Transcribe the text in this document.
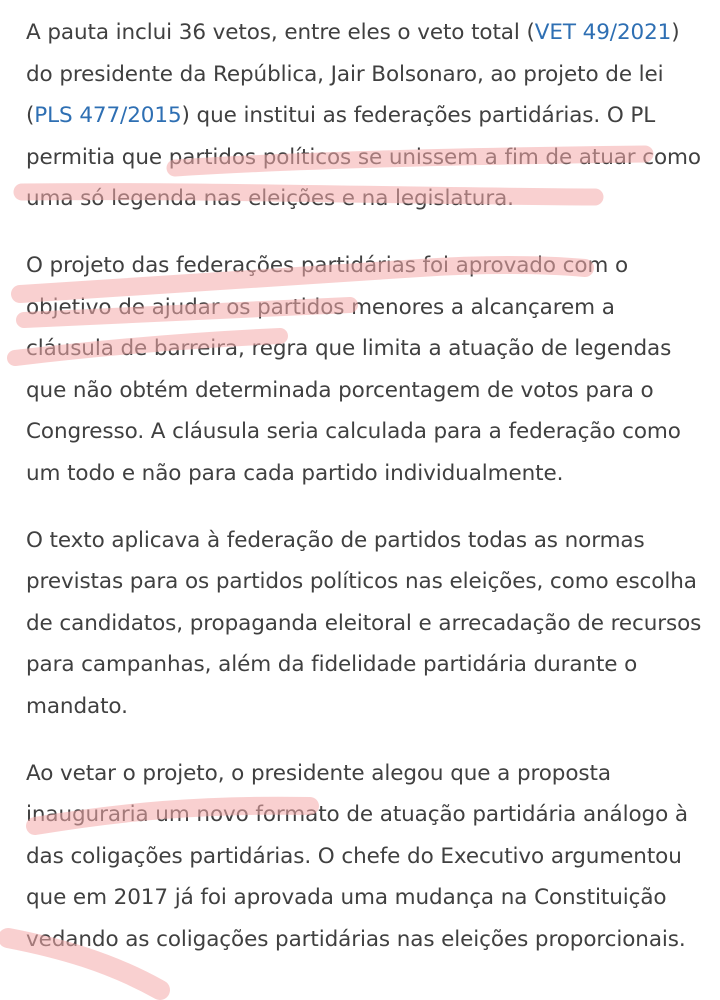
A pauta inclui 36 vetos, entre eles o veto total (VET 49/2021) do presidente da República, Jair Bolsonaro, ao projeto de lei (PLS 477/2015) que institui as federações partidárias. O PL permitia que partidos políticos se unissem a fim de atuar como uma só legenda nas eleições e na legislatura.

O projeto das federações partidárias foi aprovado com o objetivo de ajudar os partidos menores a alcançarem a cláusula de barreira, regra que limita a atuação de legendas que não obtém determinada porcentagem de votos para o Congresso. A cláusula seria calculada para a federação como um todo e não para cada partido individualmente.

O texto aplicava à federação de partidos todas as normas previstas para os partidos políticos nas eleições, como escolha de candidatos, propaganda eleitoral e arrecadação de recursos para campanhas, além da fidelidade partidária durante o mandato.

Ao vetar o projeto, o presidente alegou que a proposta inauguraria um novo formato de atuação partidária análogo à das coligações partidárias. O chefe do Executivo argumentou que em 2017 já foi aprovada uma mudança na Constituição vedando as coligações partidárias nas eleições proporcionais.
